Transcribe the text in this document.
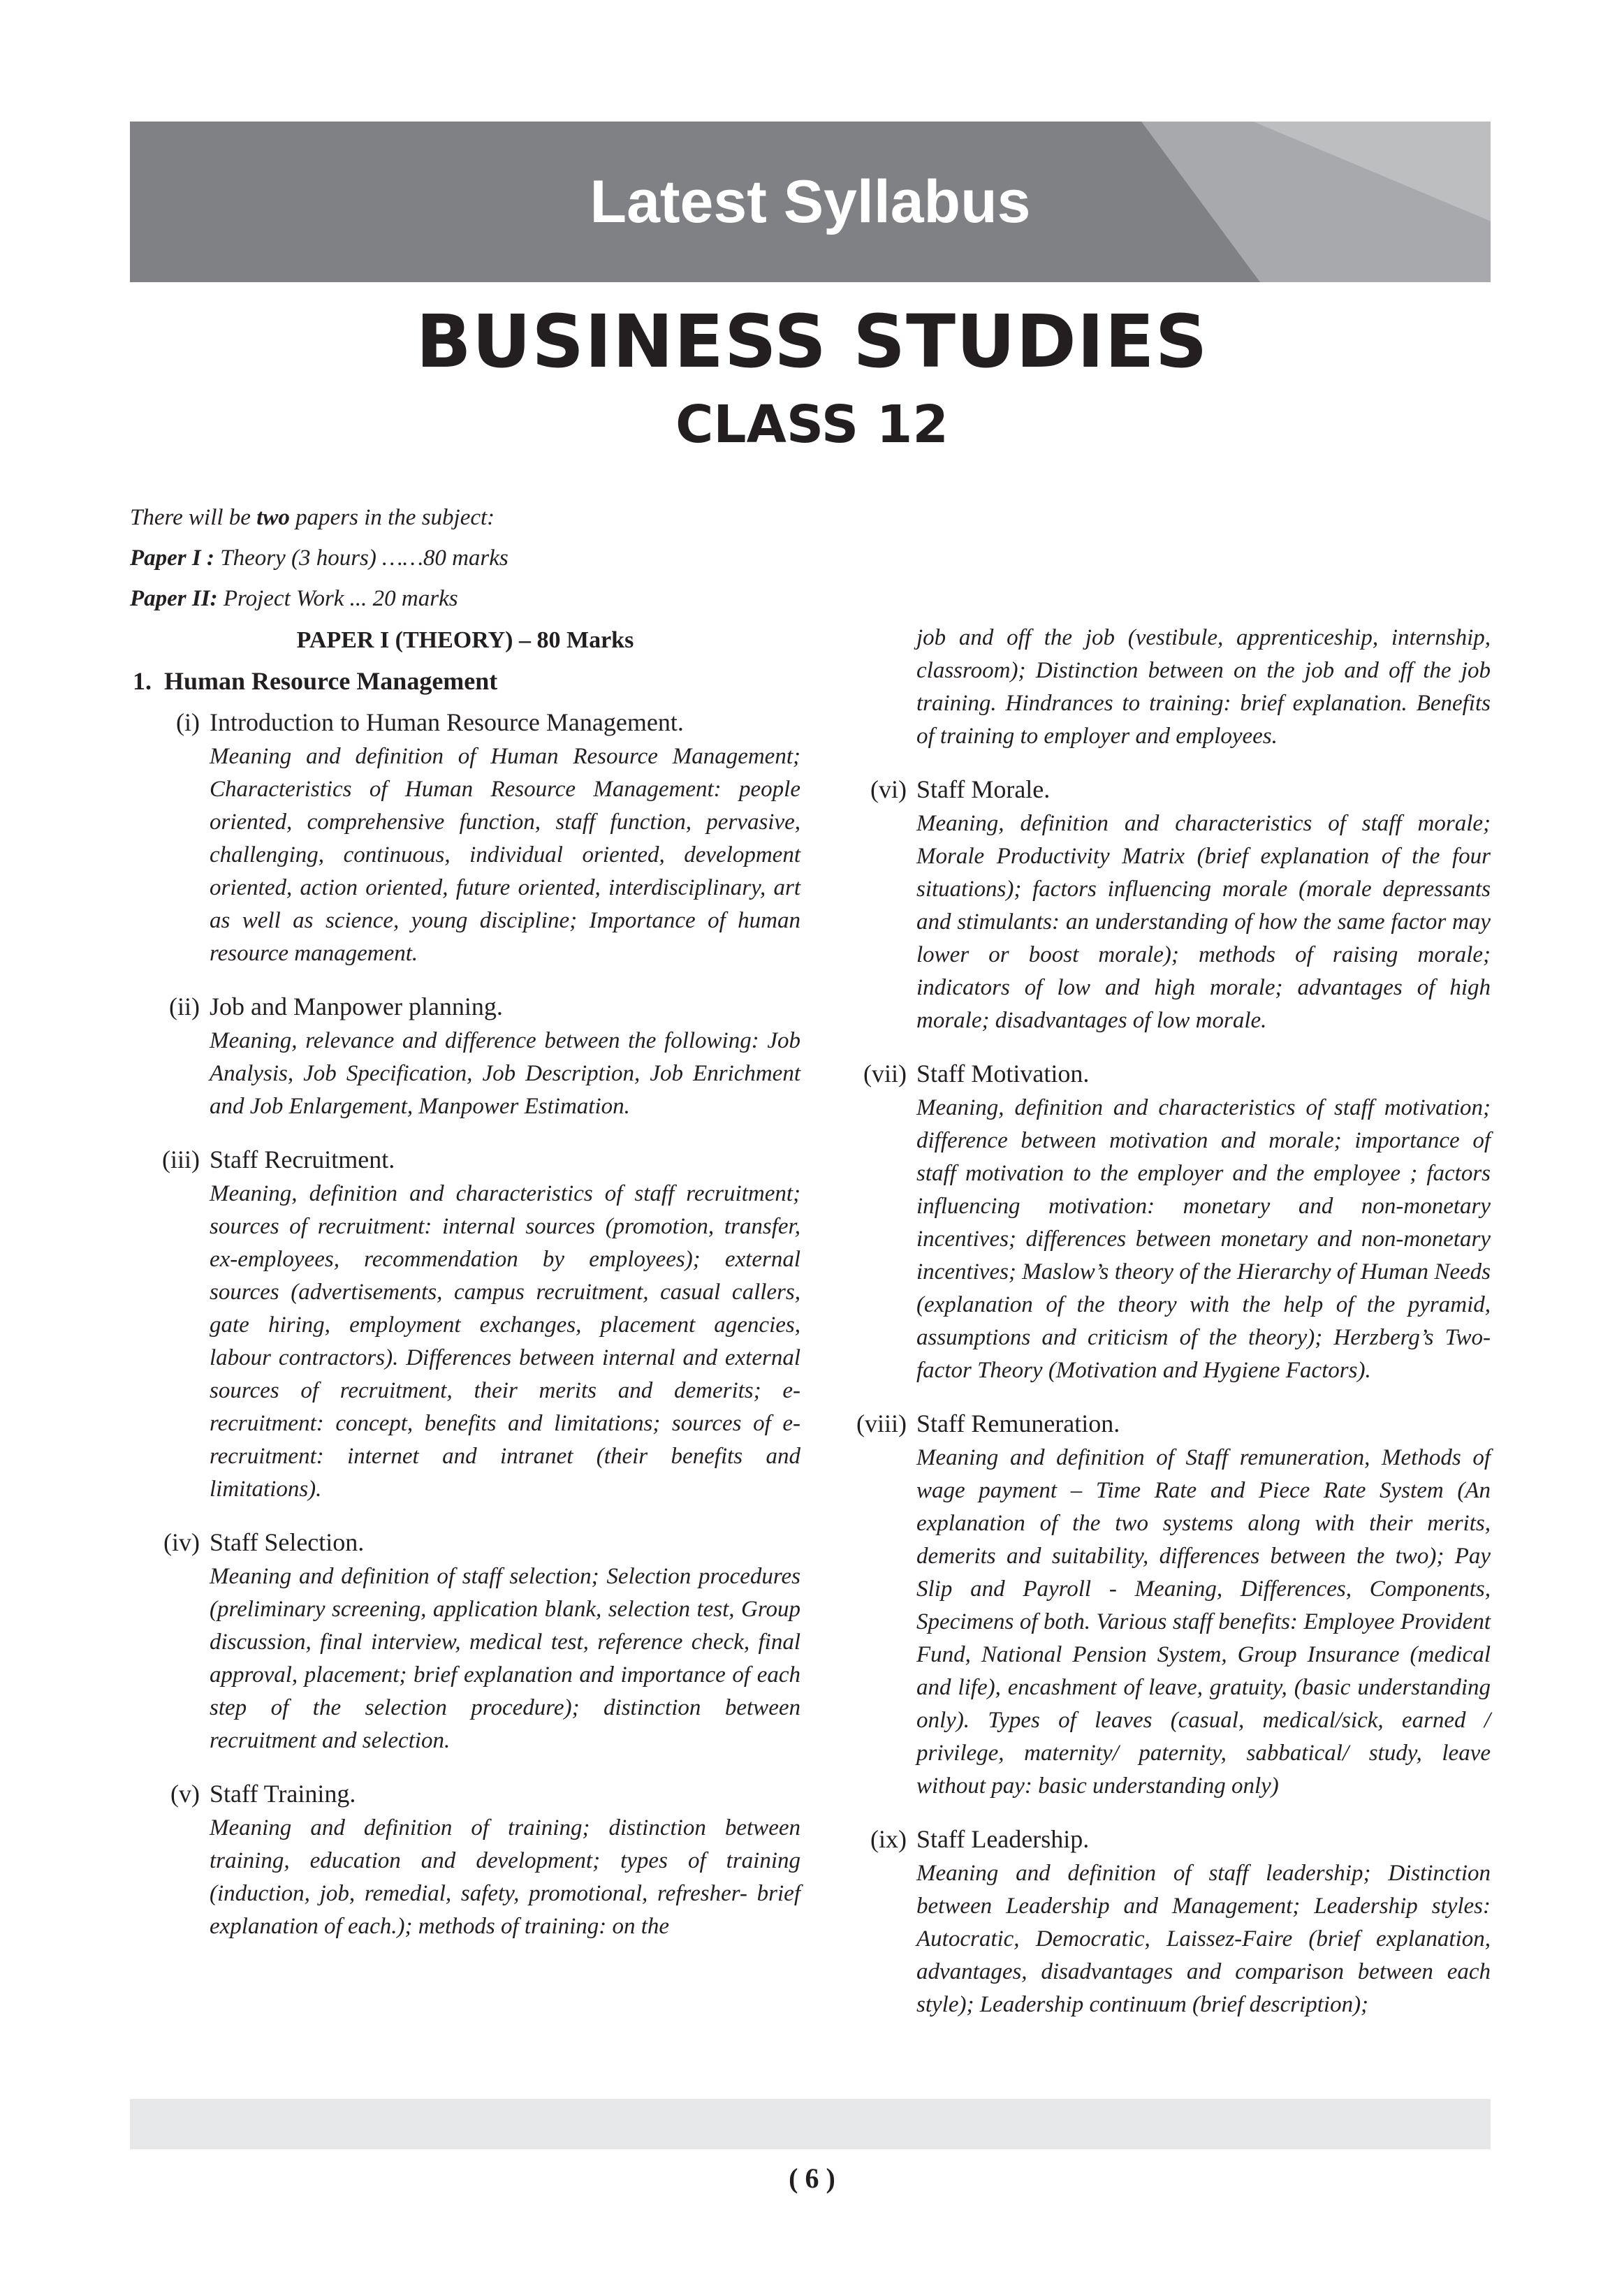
Latest Syllabus
BUSINESS STUDIES
CLASS 12

There will be two papers in the subject:

Paper I : Theory (3 hours) ……80 marks

Paper II: Project Work ... 20 marks

PAPER I (THEORY) – 80 Marks

1. Human Resource Management

(i) Introduction to Human Resource Management.

Meaning and definition of Human Resource Management; Characteristics of Human Resource Management: people oriented, comprehensive function, staff function, pervasive, challenging, continuous, individual oriented, development oriented, action oriented, future oriented, interdisciplinary, art as well as science, young discipline; Importance of human resource management.

(ii) Job and Manpower planning.

Meaning, relevance and difference between the following: Job Analysis, Job Specification, Job Description, Job Enrichment and Job Enlargement, Manpower Estimation.

(iii) Staff Recruitment.

Meaning, definition and characteristics of staff recruitment; sources of recruitment: internal sources (promotion, transfer, ex-employees, recommendation by employees); external sources (advertisements, campus recruitment, casual callers, gate hiring, employment exchanges, placement agencies, labour contractors). Differences between internal and external sources of recruitment, their merits and demerits; e-recruitment: concept, benefits and limitations; sources of e-recruitment: internet and intranet (their benefits and limitations).

(iv) Staff Selection.

Meaning and definition of staff selection; Selection procedures (preliminary screening, application blank, selection test, Group discussion, final interview, medical test, reference check, final approval, placement; brief explanation and importance of each step of the selection procedure); distinction between recruitment and selection.

(v) Staff Training.

Meaning and definition of training; distinction between training, education and development; types of training (induction, job, remedial, safety, promotional, refresher- brief explanation of each.); methods of training: on the

job and off the job (vestibule, apprenticeship, internship, classroom); Distinction between on the job and off the job training. Hindrances to training: brief explanation. Benefits of training to employer and employees.

(vi) Staff Morale.

Meaning, definition and characteristics of staff morale; Morale Productivity Matrix (brief explanation of the four situations); factors influencing morale (morale depressants and stimulants: an understanding of how the same factor may lower or boost morale); methods of raising morale; indicators of low and high morale; advantages of high morale; disadvantages of low morale.

(vii) Staff Motivation.

Meaning, definition and characteristics of staff motivation; difference between motivation and morale; importance of staff motivation to the employer and the employee ; factors influencing motivation: monetary and non-monetary incentives; differences between monetary and non-monetary incentives; Maslow’s theory of the Hierarchy of Human Needs (explanation of the theory with the help of the pyramid, assumptions and criticism of the theory); Herzberg’s Two-factor Theory (Motivation and Hygiene Factors).

(viii) Staff Remuneration.

Meaning and definition of Staff remuneration, Methods of wage payment – Time Rate and Piece Rate System (An explanation of the two systems along with their merits, demerits and suitability, differences between the two); Pay Slip and Payroll - Meaning, Differences, Components, Specimens of both. Various staff benefits: Employee Provident Fund, National Pension System, Group Insurance (medical and life), encashment of leave, gratuity, (basic understanding only). Types of leaves (casual, medical/sick, earned / privilege, maternity/ paternity, sabbatical/ study, leave without pay: basic understanding only)

(ix) Staff Leadership.

Meaning and definition of staff leadership; Distinction between Leadership and Management; Leadership styles: Autocratic, Democratic, Laissez-Faire (brief explanation, advantages, disadvantages and comparison between each style); Leadership continuum (brief description);

( 6 )
